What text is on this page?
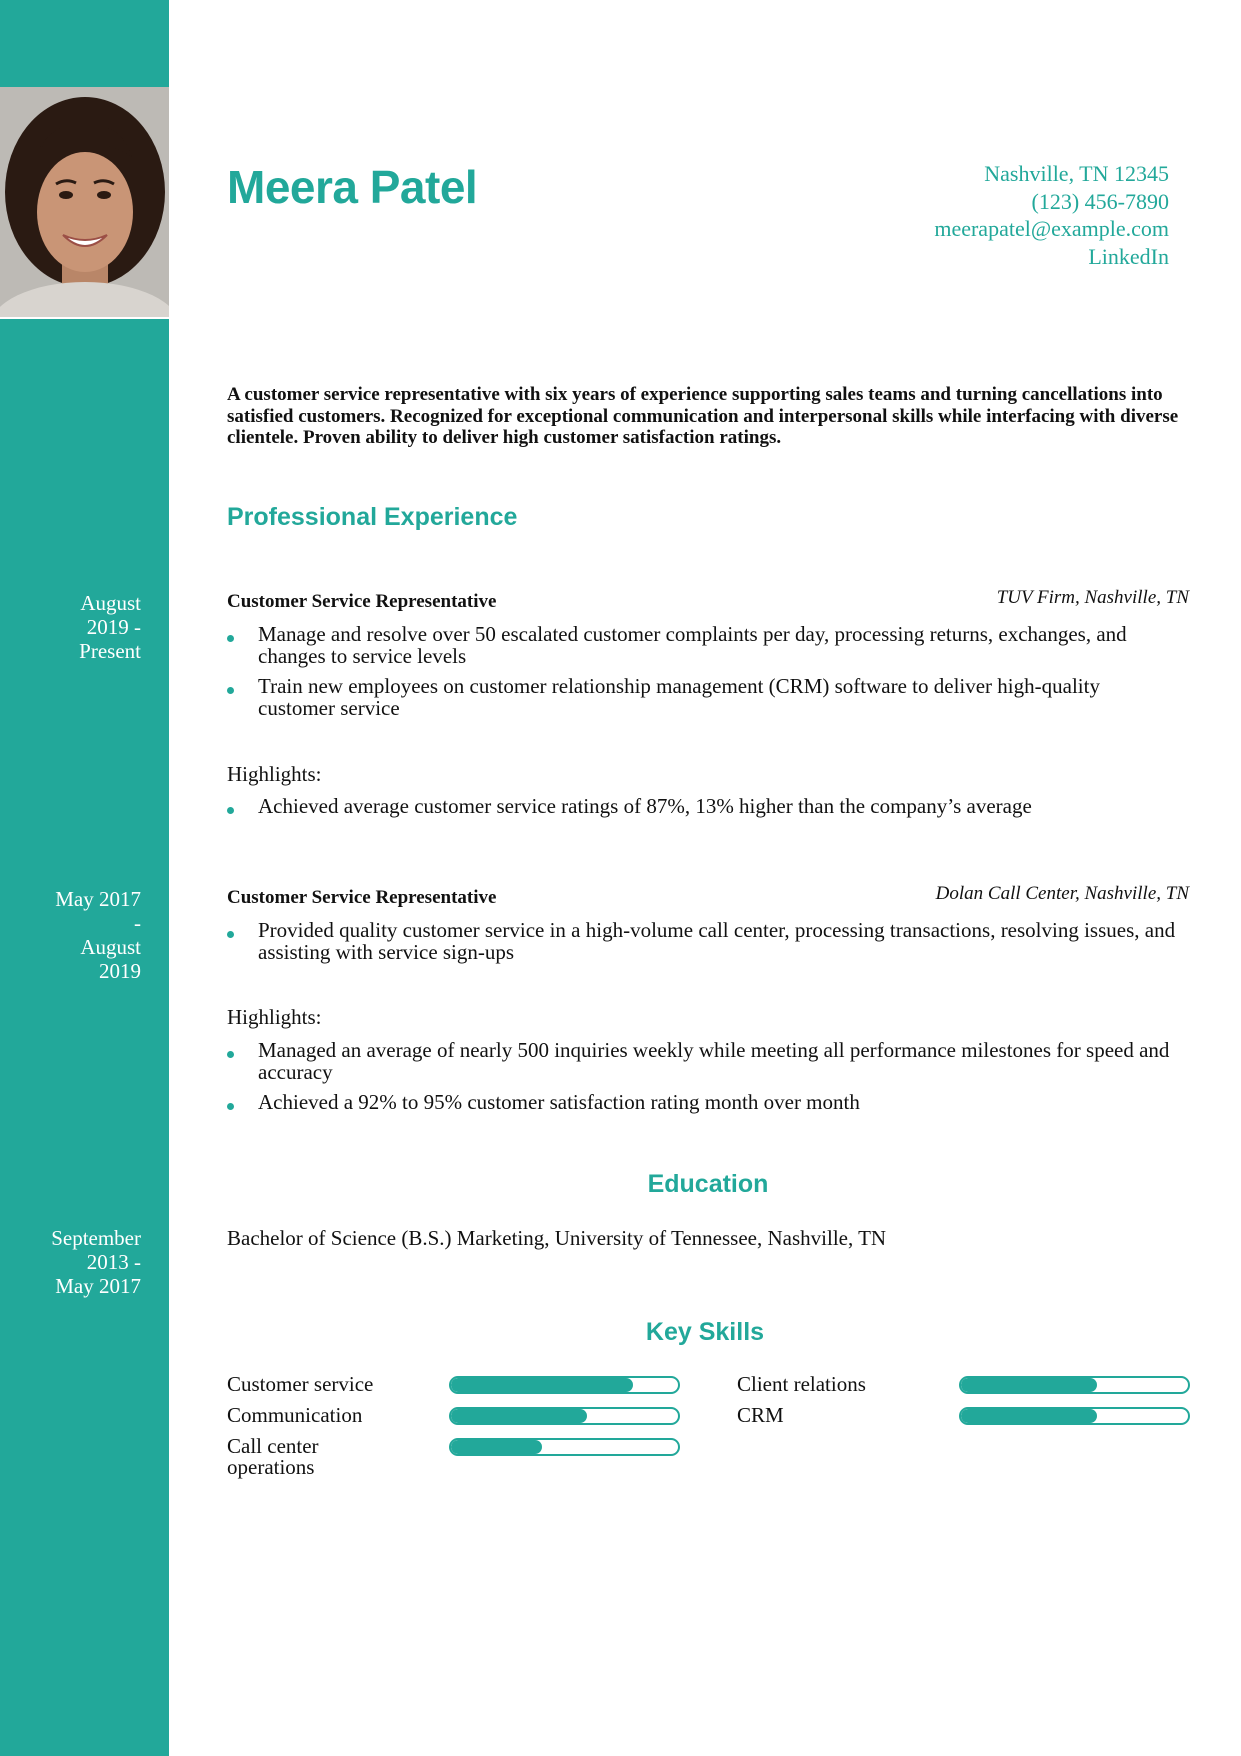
Meera Patel	Nashville, TN 12345
(123) 456-7890
meerapatel@example.com
LinkedIn

A customer service representative with six years of experience supporting sales teams and turning cancellations into satisfied customers. Recognized for exceptional communication and interpersonal skills while interfacing with diverse clientele. Proven ability to deliver high customer satisfaction ratings.

Professional Experience
August
2019 -
Present
Customer Service Representative	TUV Firm, Nashville, TN
Manage and resolve over 50 escalated customer complaints per day, processing returns, exchanges, and changes to service levels
Train new employees on customer relationship management (CRM) software to deliver high-quality customer service
Highlights:
Achieved average customer service ratings of 87%, 13% higher than the company’s average
May 2017
-
August
2019
Customer Service Representative	Dolan Call Center, Nashville, TN
Provided quality customer service in a high-volume call center, processing transactions, resolving issues, and assisting with service sign-ups
Highlights:
Managed an average of nearly 500 inquiries weekly while meeting all performance milestones for speed and accuracy
Achieved a 92% to 95% customer satisfaction rating month over month
Education
September
2013 -
May 2017
Bachelor of Science (B.S.) Marketing, University of Tennessee, Nashville, TN
Key Skills
Customer service
Communication
Call center operations
Client relations
CRM
